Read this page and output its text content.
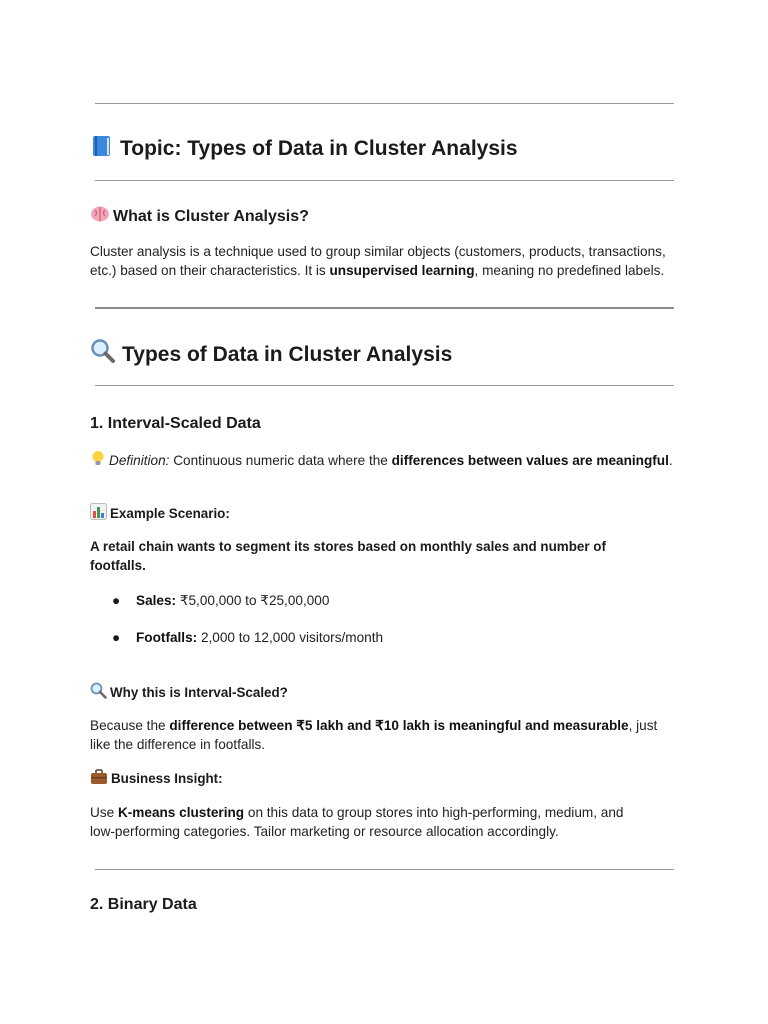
Topic: Types of Data in Cluster Analysis
What is Cluster Analysis?
Cluster analysis is a technique used to group similar objects (customers, products, transactions, etc.) based on their characteristics. It is unsupervised learning, meaning no predefined labels.
Types of Data in Cluster Analysis
1. Interval-Scaled Data
Definition: Continuous numeric data where the differences between values are meaningful.
Example Scenario:
A retail chain wants to segment its stores based on monthly sales and number of footfalls.
● Sales: ₹5,00,000 to ₹25,00,000
● Footfalls: 2,000 to 12,000 visitors/month
Why this is Interval-Scaled?
Because the difference between ₹5 lakh and ₹10 lakh is meaningful and measurable, just like the difference in footfalls.
Business Insight:
Use K-means clustering on this data to group stores into high-performing, medium, and low-performing categories. Tailor marketing or resource allocation accordingly.
2. Binary Data
